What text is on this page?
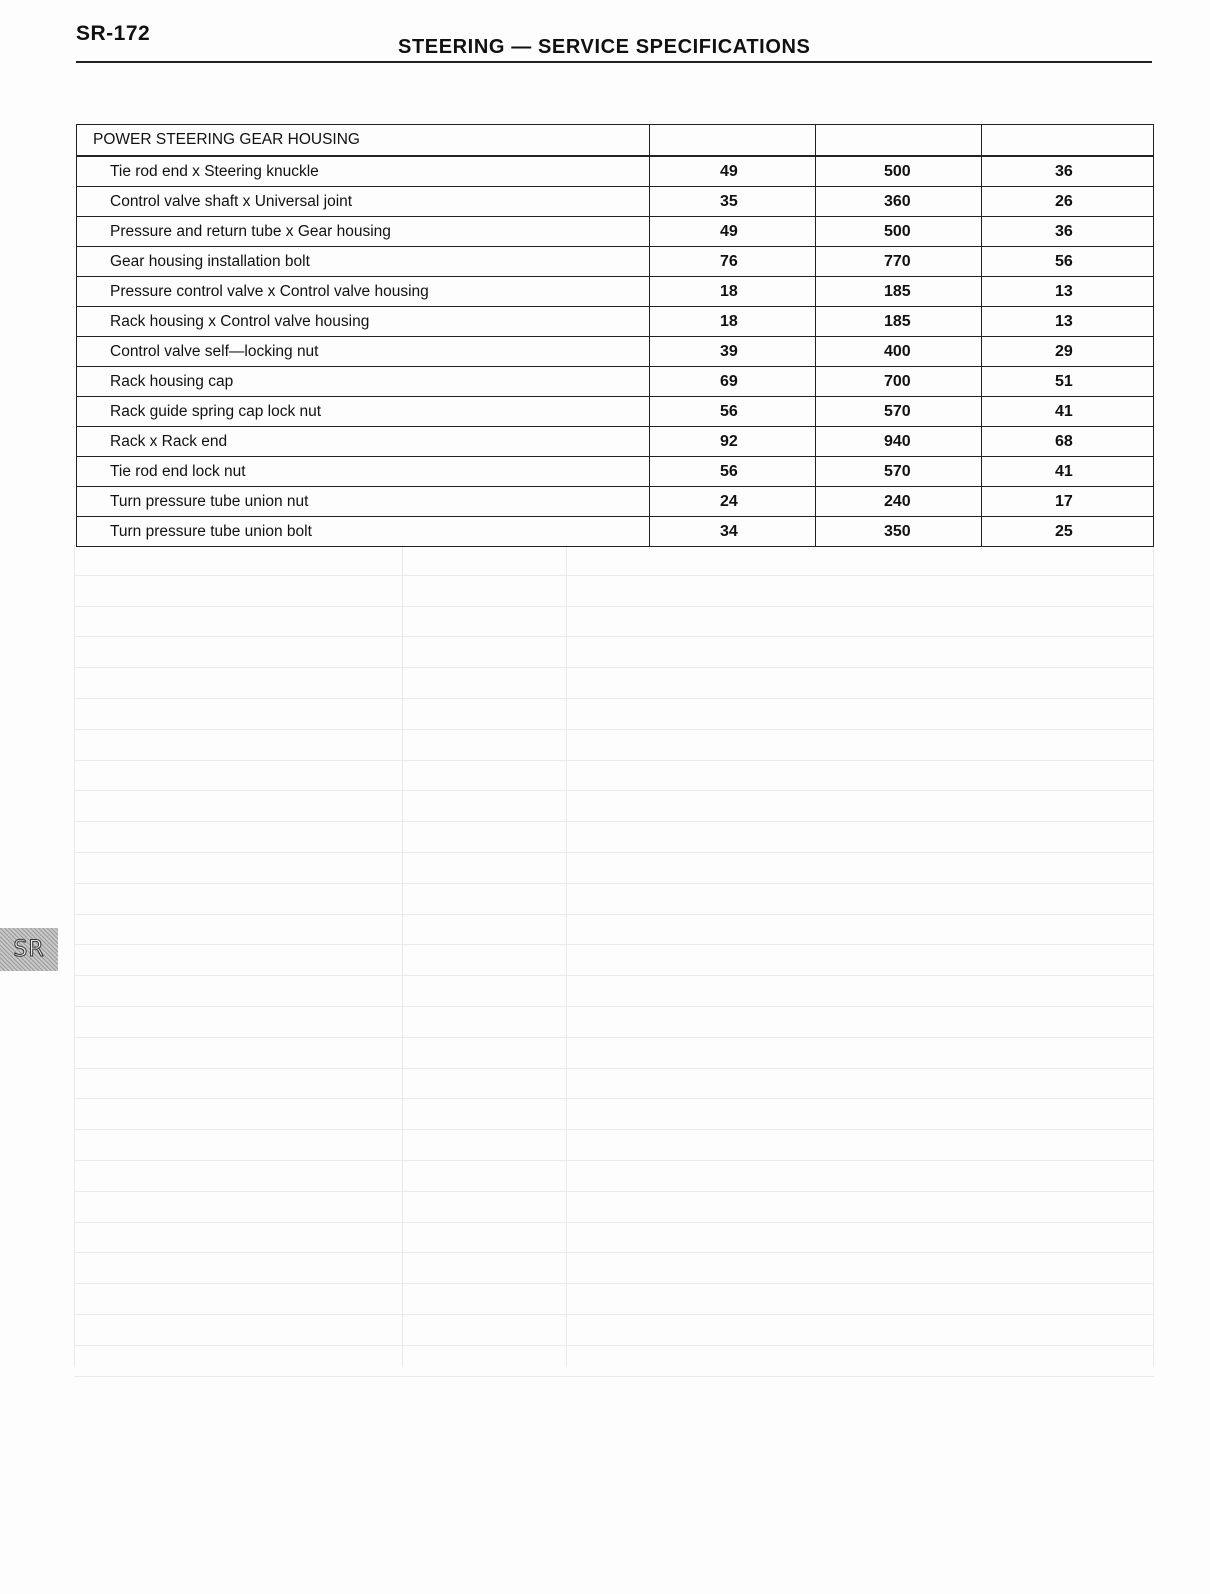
SR-172
STEERING — SERVICE SPECIFICATIONS
POWER STEERING GEAR HOUSING			
Tie rod end x Steering knuckle	49	500	36
Control valve shaft x Universal joint	35	360	26
Pressure and return tube x Gear housing	49	500	36
Gear housing installation bolt	76	770	56
Pressure control valve x Control valve housing	18	185	13
Rack housing x Control valve housing	18	185	13
Control valve self—locking nut	39	400	29
Rack housing cap	69	700	51
Rack guide spring cap lock nut	56	570	41
Rack x Rack end	92	940	68
Tie rod end lock nut	56	570	41
Turn pressure tube union nut	24	240	17
Turn pressure tube union bolt	34	350	25
SR
